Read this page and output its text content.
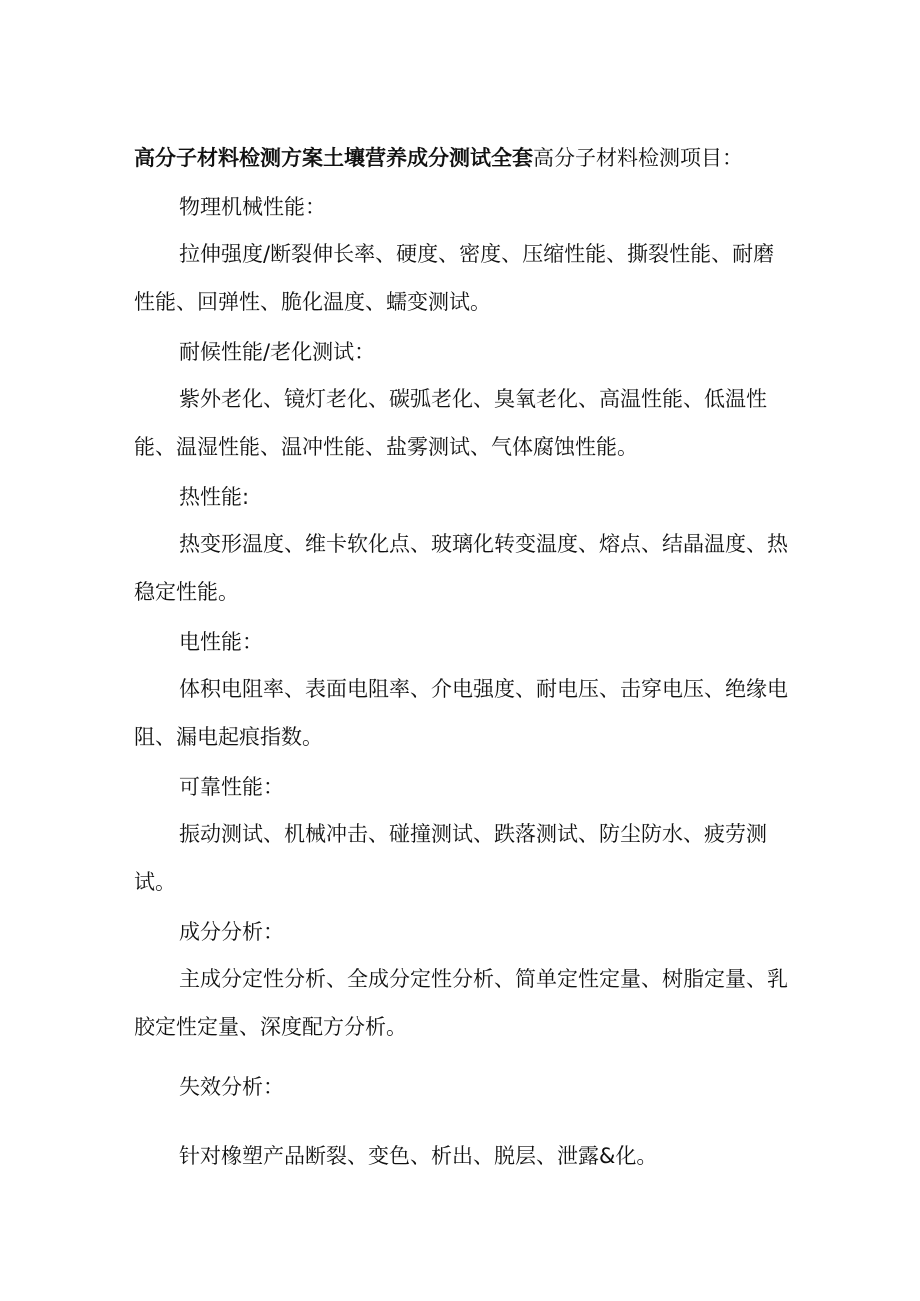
高分子材料检测方案土壤营养成分测试全套高分子材料检测项目：
物理机械性能：
拉伸强度/断裂伸长率、硬度、密度、压缩性能、撕裂性能、耐磨性能、回弹性、脆化温度、蠕变测试。
耐候性能/老化测试：
紫外老化、镜灯老化、碳弧老化、臭氧老化、高温性能、低温性能、温湿性能、温冲性能、盐雾测试、气体腐蚀性能。
热性能:
热变形温度、维卡软化点、玻璃化转变温度、熔点、结晶温度、热稳定性能。
电性能：
体积电阻率、表面电阻率、介电强度、耐电压、击穿电压、绝缘电阻、漏电起痕指数。
可靠性能：
振动测试、机械冲击、碰撞测试、跌落测试、防尘防水、疲劳测试。
成分分析：
主成分定性分析、全成分定性分析、简单定性定量、树脂定量、乳胶定性定量、深度配方分析。
失效分析：
针对橡塑产品断裂、变色、析出、脱层、泄露&化。
